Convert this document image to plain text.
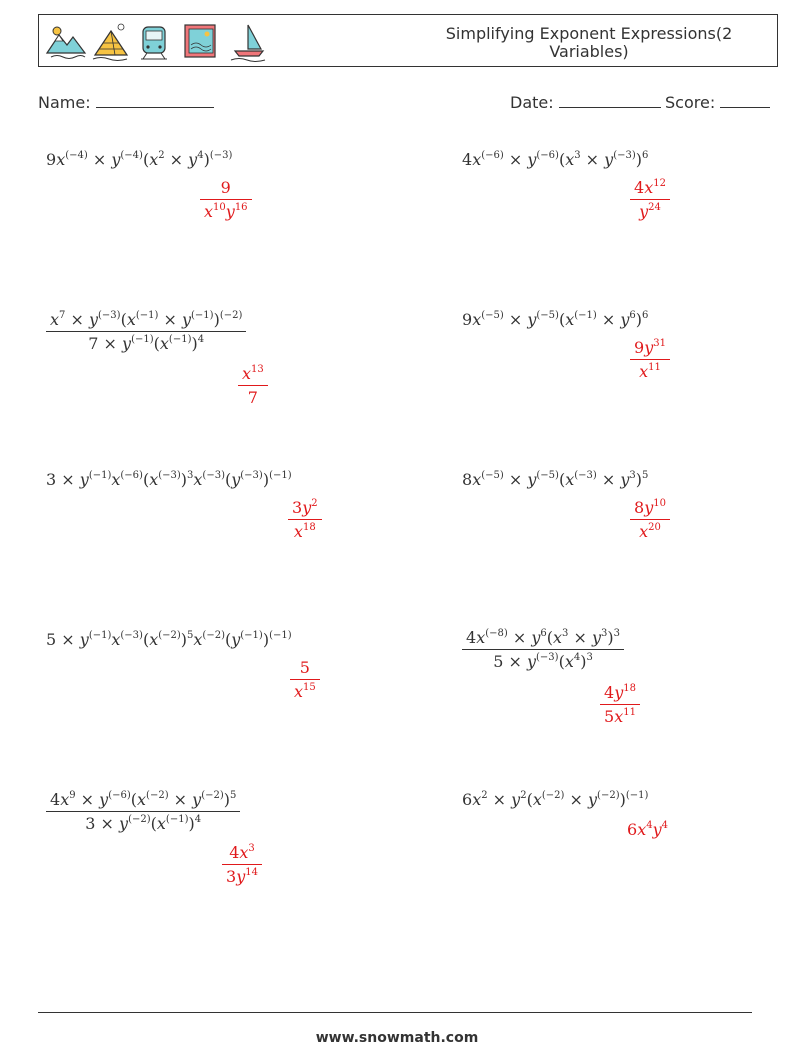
Simplifying Exponent Expressions(2 Variables)
Name:	Date:	Score:
$9x^{(-4)} \times y^{(-4)}(x^2 \times y^4)^{(-3)}$
$\frac{9}{x^{10}y^{16}}$
$4x^{(-6)} \times y^{(-6)}(x^3 \times y^{(-3)})^6$
$\frac{4x^{12}}{y^{24}}$
$\frac{x^7 \times y^{(-3)}(x^{(-1)} \times y^{(-1)})^{(-2)}}{7 \times y^{(-1)}(x^{(-1)})^4}$
$\frac{x^{13}}{7}$
$9x^{(-5)} \times y^{(-5)}(x^{(-1)} \times y^6)^6$
$\frac{9y^{31}}{x^{11}}$
$3 \times y^{(-1)}x^{(-6)}(x^{(-3)})^3x^{(-3)}(y^{(-3)})^{(-1)}$
$\frac{3y^2}{x^{18}}$
$8x^{(-5)} \times y^{(-5)}(x^{(-3)} \times y^3)^5$
$\frac{8y^{10}}{x^{20}}$
$5 \times y^{(-1)}x^{(-3)}(x^{(-2)})^5x^{(-2)}(y^{(-1)})^{(-1)}$
$\frac{5}{x^{15}}$
$\frac{4x^{(-8)} \times y^6(x^3 \times y^3)^3}{5 \times y^{(-3)}(x^4)^3}$
$\frac{4y^{18}}{5x^{11}}$
$\frac{4x^9 \times y^{(-6)}(x^{(-2)} \times y^{(-2)})^5}{3 \times y^{(-2)}(x^{(-1)})^4}$
$\frac{4x^3}{3y^{14}}$
$6x^2 \times y^2(x^{(-2)} \times y^{(-2)})^{(-1)}$
$6x^4y^4$
www.snowmath.com
